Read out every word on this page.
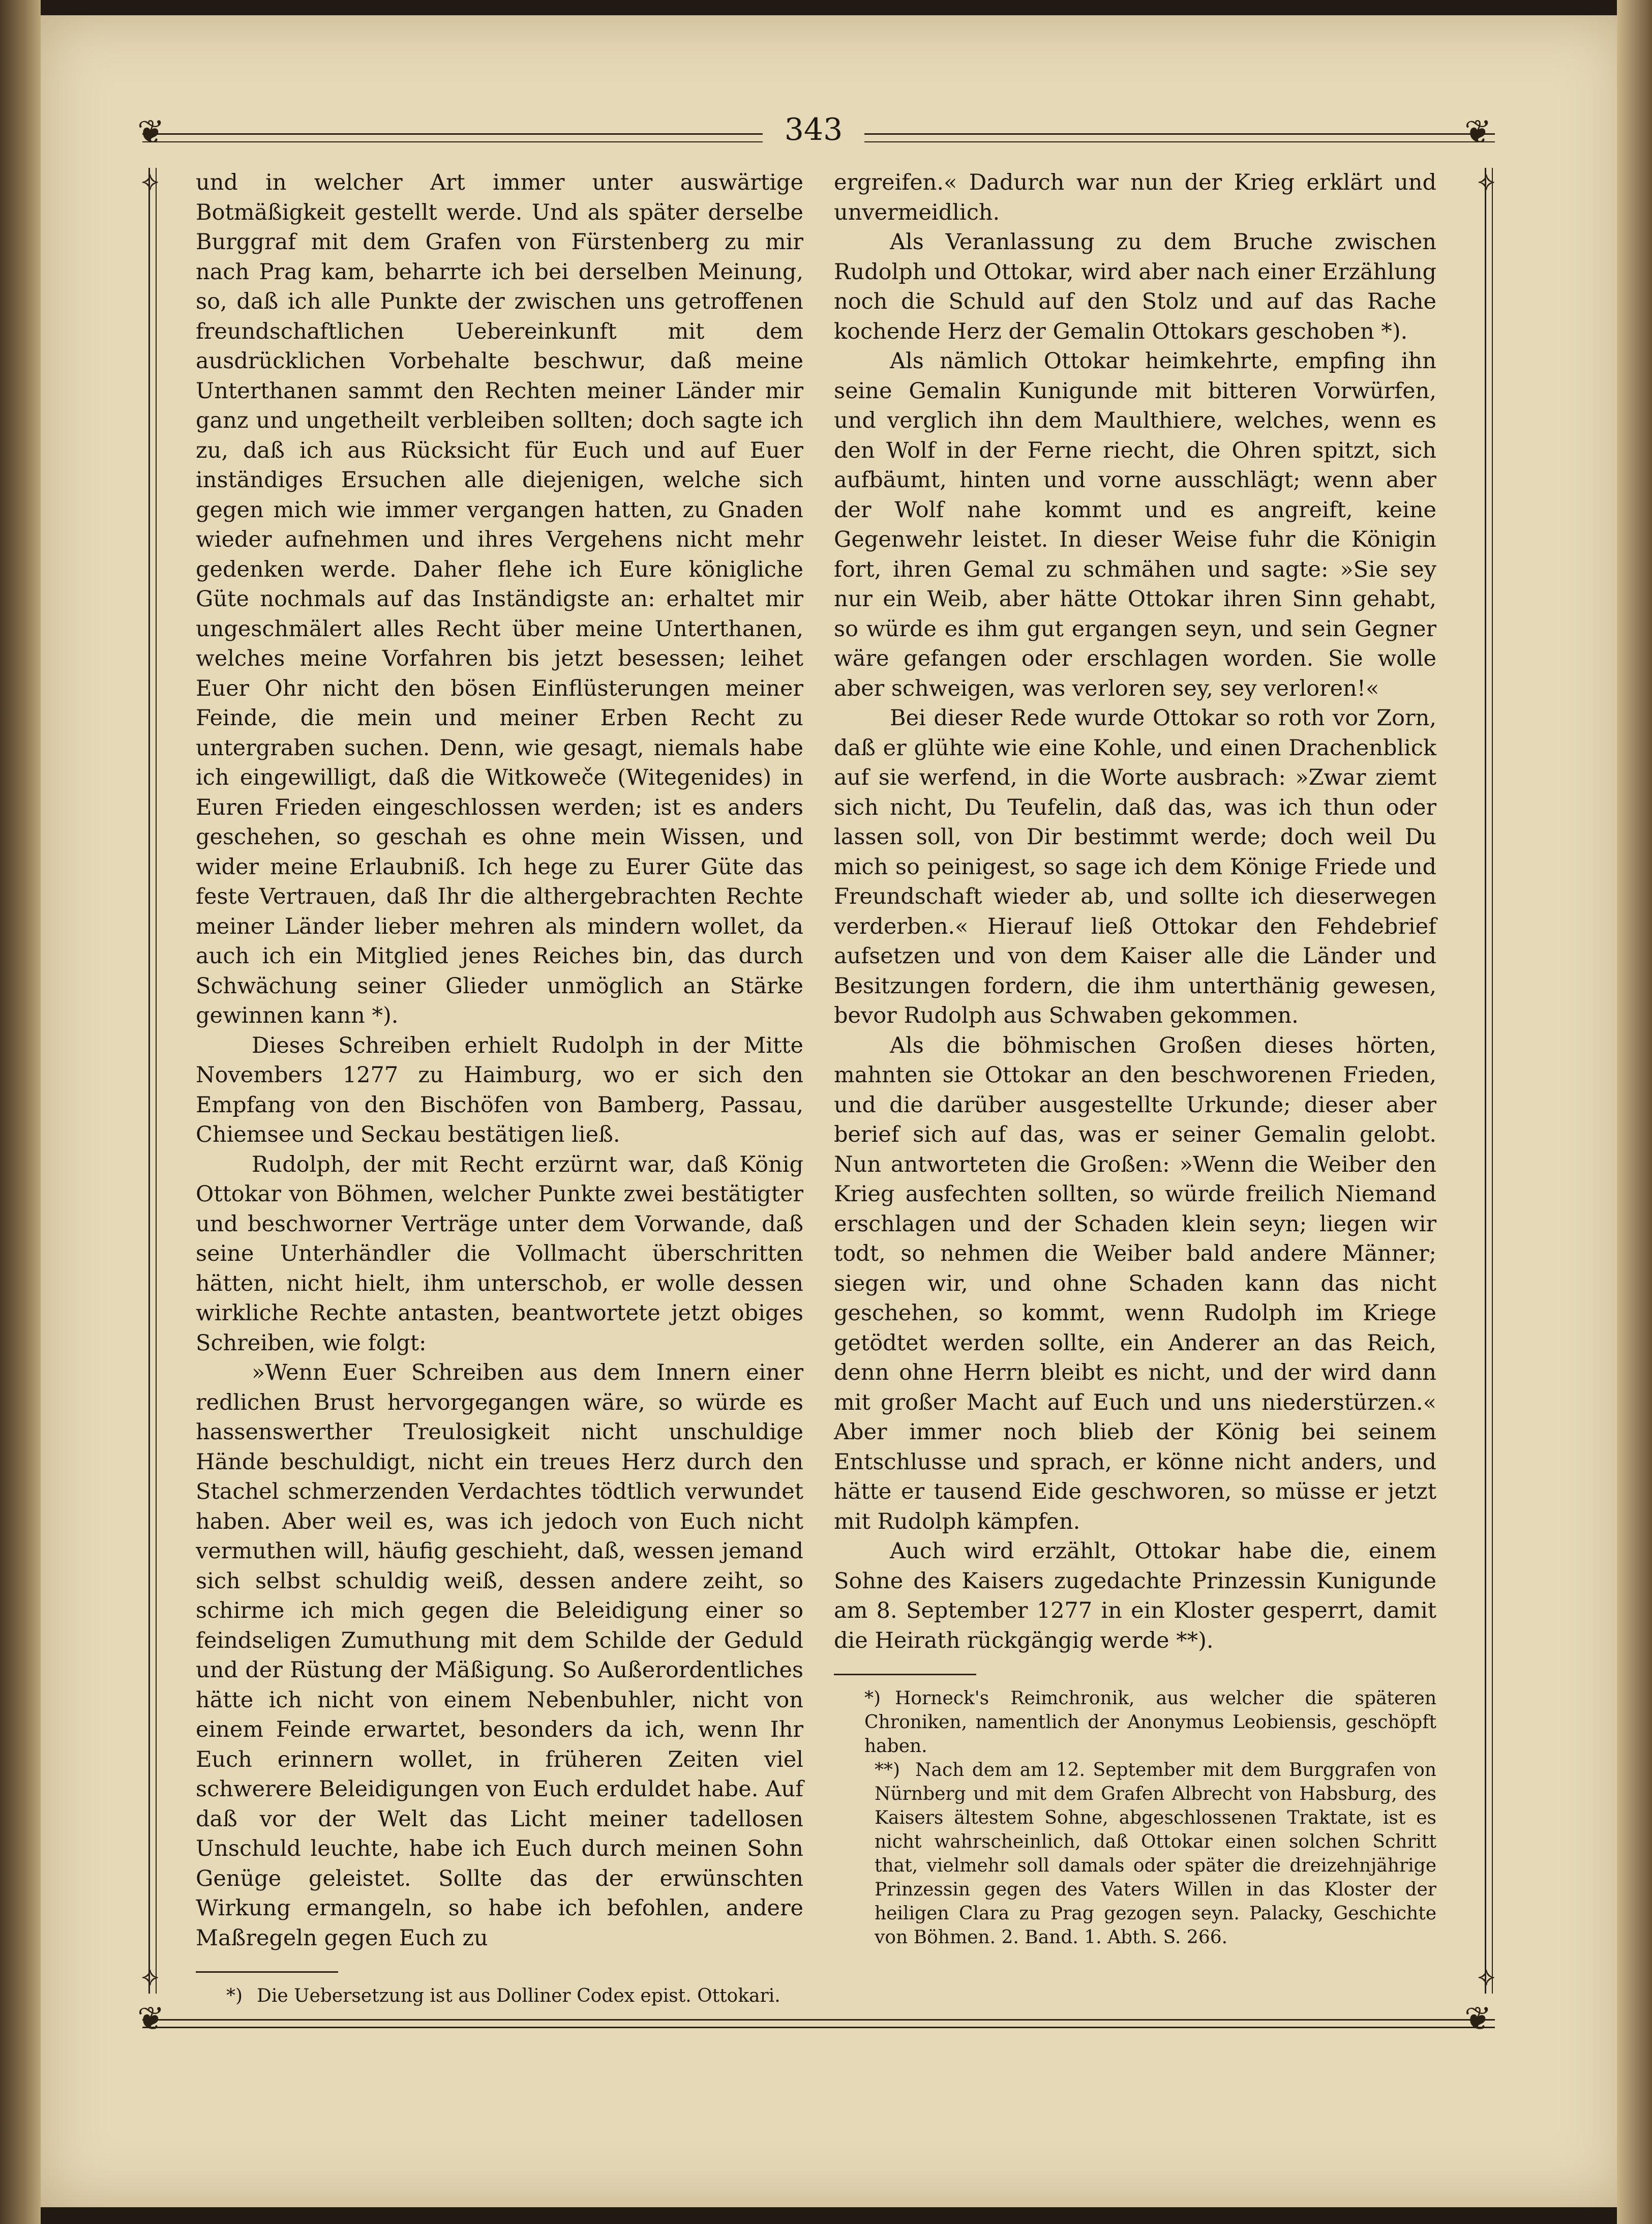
❦	❦
❦	❦
⟡	⟡
⟡	⟡
343

und in welcher Art immer unter auswärtige Botmäßigkeit gestellt werde. Und als später derselbe Burggraf mit dem Grafen von Fürstenberg zu mir nach Prag kam, beharrte ich bei derselben Meinung, so, daß ich alle Punkte der zwischen uns getroffenen freundschaftlichen Uebereinkunft mit dem ausdrücklichen Vorbehalte beschwur, daß meine Unterthanen sammt den Rechten meiner Länder mir ganz und ungetheilt verbleiben sollten; doch sagte ich zu, daß ich aus Rücksicht für Euch und auf Euer inständiges Ersuchen alle diejenigen, welche sich gegen mich wie immer vergangen hatten, zu Gnaden wieder aufnehmen und ihres Vergehens nicht mehr gedenken werde. Daher flehe ich Eure königliche Güte nochmals auf das Inständigste an: erhaltet mir ungeschmälert alles Recht über meine Unterthanen, welches meine Vorfahren bis jetzt besessen; leihet Euer Ohr nicht den bösen Einflüsterungen meiner Feinde, die mein und meiner Erben Recht zu untergraben suchen. Denn, wie gesagt, niemals habe ich eingewilligt, daß die Witkoweče (Witegenides) in Euren Frieden eingeschlossen werden; ist es anders geschehen, so geschah es ohne mein Wissen, und wider meine Erlaubniß. Ich hege zu Eurer Güte das feste Vertrauen, daß Ihr die althergebrachten Rechte meiner Länder lieber mehren als mindern wollet, da auch ich ein Mitglied jenes Reiches bin, das durch Schwächung seiner Glieder unmöglich an Stärke gewinnen kann *).

Dieses Schreiben erhielt Rudolph in der Mitte Novembers 1277 zu Haimburg, wo er sich den Empfang von den Bischöfen von Bamberg, Passau, Chiemsee und Seckau bestätigen ließ.

Rudolph, der mit Recht erzürnt war, daß König Ottokar von Böhmen, welcher Punkte zwei bestätigter und beschworner Verträge unter dem Vorwande, daß seine Unterhändler die Vollmacht überschritten hätten, nicht hielt, ihm unterschob, er wolle dessen wirkliche Rechte antasten, beantwortete jetzt obiges Schreiben, wie folgt:

»Wenn Euer Schreiben aus dem Innern einer redlichen Brust hervorgegangen wäre, so würde es hassenswerther Treulosigkeit nicht unschuldige Hände beschuldigt, nicht ein treues Herz durch den Stachel schmerzenden Verdachtes tödtlich verwundet haben. Aber weil es, was ich jedoch von Euch nicht vermuthen will, häufig geschieht, daß, wessen jemand sich selbst schuldig weiß, dessen andere zeiht, so schirme ich mich gegen die Beleidigung einer so feindseligen Zumuthung mit dem Schilde der Geduld und der Rüstung der Mäßigung. So Außerordentliches hätte ich nicht von einem Nebenbuhler, nicht von einem Feinde erwartet, besonders da ich, wenn Ihr Euch erinnern wollet, in früheren Zeiten viel schwerere Beleidigungen von Euch erduldet habe. Auf daß vor der Welt das Licht meiner tadellosen Unschuld leuchte, habe ich Euch durch meinen Sohn Genüge geleistet. Sollte das der erwünschten Wirkung ermangeln, so habe ich befohlen, andere Maßregeln gegen Euch zu

*) Die Uebersetzung ist aus Dolliner Codex epist. Ottokari.

ergreifen.« Dadurch war nun der Krieg erklärt und unvermeidlich.

Als Veranlassung zu dem Bruche zwischen Rudolph und Ottokar, wird aber nach einer Erzählung noch die Schuld auf den Stolz und auf das Rache kochende Herz der Gemalin Ottokars geschoben *).

Als nämlich Ottokar heimkehrte, empfing ihn seine Gemalin Kunigunde mit bitteren Vorwürfen, und verglich ihn dem Maulthiere, welches, wenn es den Wolf in der Ferne riecht, die Ohren spitzt, sich aufbäumt, hinten und vorne ausschlägt; wenn aber der Wolf nahe kommt und es angreift, keine Gegenwehr leistet. In dieser Weise fuhr die Königin fort, ihren Gemal zu schmähen und sagte: »Sie sey nur ein Weib, aber hätte Ottokar ihren Sinn gehabt, so würde es ihm gut ergangen seyn, und sein Gegner wäre gefangen oder erschlagen worden. Sie wolle aber schweigen, was verloren sey, sey verloren!«

Bei dieser Rede wurde Ottokar so roth vor Zorn, daß er glühte wie eine Kohle, und einen Drachenblick auf sie werfend, in die Worte ausbrach: »Zwar ziemt sich nicht, Du Teufelin, daß das, was ich thun oder lassen soll, von Dir bestimmt werde; doch weil Du mich so peinigest, so sage ich dem Könige Friede und Freundschaft wieder ab, und sollte ich dieserwegen verderben.« Hierauf ließ Ottokar den Fehdebrief aufsetzen und von dem Kaiser alle die Länder und Besitzungen fordern, die ihm unterthänig gewesen, bevor Rudolph aus Schwaben gekommen.

Als die böhmischen Großen dieses hörten, mahnten sie Ottokar an den beschworenen Frieden, und die darüber ausgestellte Urkunde; dieser aber berief sich auf das, was er seiner Gemalin gelobt. Nun antworteten die Großen: »Wenn die Weiber den Krieg ausfechten sollten, so würde freilich Niemand erschlagen und der Schaden klein seyn; liegen wir todt, so nehmen die Weiber bald andere Männer; siegen wir, und ohne Schaden kann das nicht geschehen, so kommt, wenn Rudolph im Kriege getödtet werden sollte, ein Anderer an das Reich, denn ohne Herrn bleibt es nicht, und der wird dann mit großer Macht auf Euch und uns niederstürzen.« Aber immer noch blieb der König bei seinem Entschlusse und sprach, er könne nicht anders, und hätte er tausend Eide geschworen, so müsse er jetzt mit Rudolph kämpfen.

Auch wird erzählt, Ottokar habe die, einem Sohne des Kaisers zugedachte Prinzessin Kunigunde am 8. September 1277 in ein Kloster gesperrt, damit die Heirath rückgängig werde **).

*) Horneck's Reimchronik, aus welcher die späteren Chroniken, namentlich der Anonymus Leobiensis, geschöpft haben.

**) Nach dem am 12. September mit dem Burggrafen von Nürnberg und mit dem Grafen Albrecht von Habsburg, des Kaisers ältestem Sohne, abgeschlossenen Traktate, ist es nicht wahrscheinlich, daß Ottokar einen solchen Schritt that, vielmehr soll damals oder später die dreizehnjährige Prinzessin gegen des Vaters Willen in das Kloster der heiligen Clara zu Prag gezogen seyn. Palacky, Geschichte von Böhmen. 2. Band. 1. Abth. S. 266.
